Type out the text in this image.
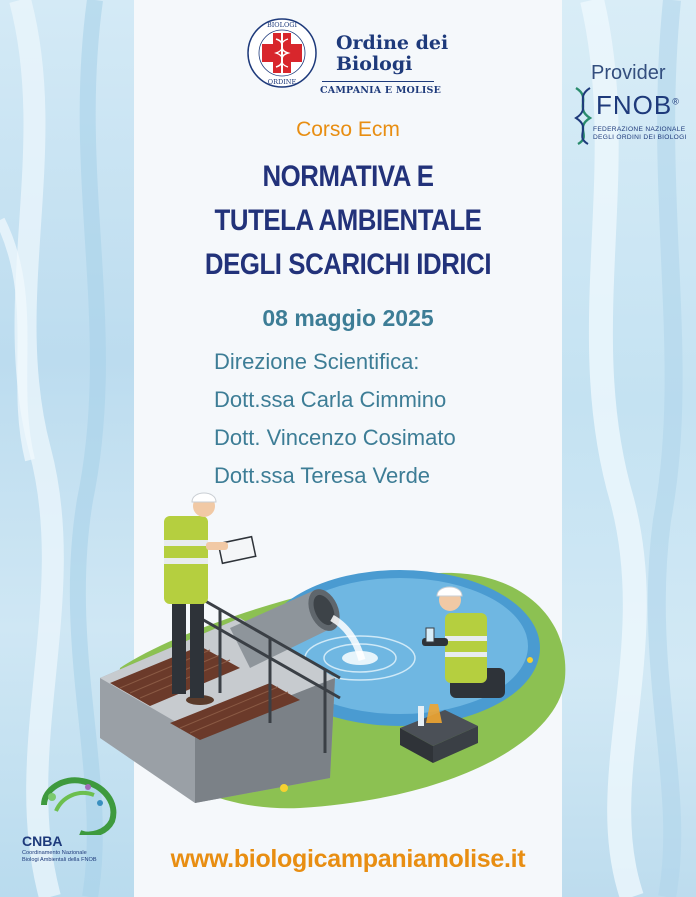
BIOLOGI
ORDINE
Ordine dei
Biologi
CAMPANIA E MOLISE
Provider
FNOB®
FEDERAZIONE NAZIONALE
DEGLI ORDINI DEI BIOLOGI
Corso Ecm
NORMATIVA E
TUTELA AMBIENTALE
DEGLI SCARICHI IDRICI
08 maggio 2025
Direzione Scientifica:
Dott.ssa Carla Cimmino
Dott. Vincenzo Cosimato
Dott.ssa Teresa Verde
CNBA
Coordinamento Nazionale
Biologi Ambientali della FNOB	www.biologicampaniamolise.it
